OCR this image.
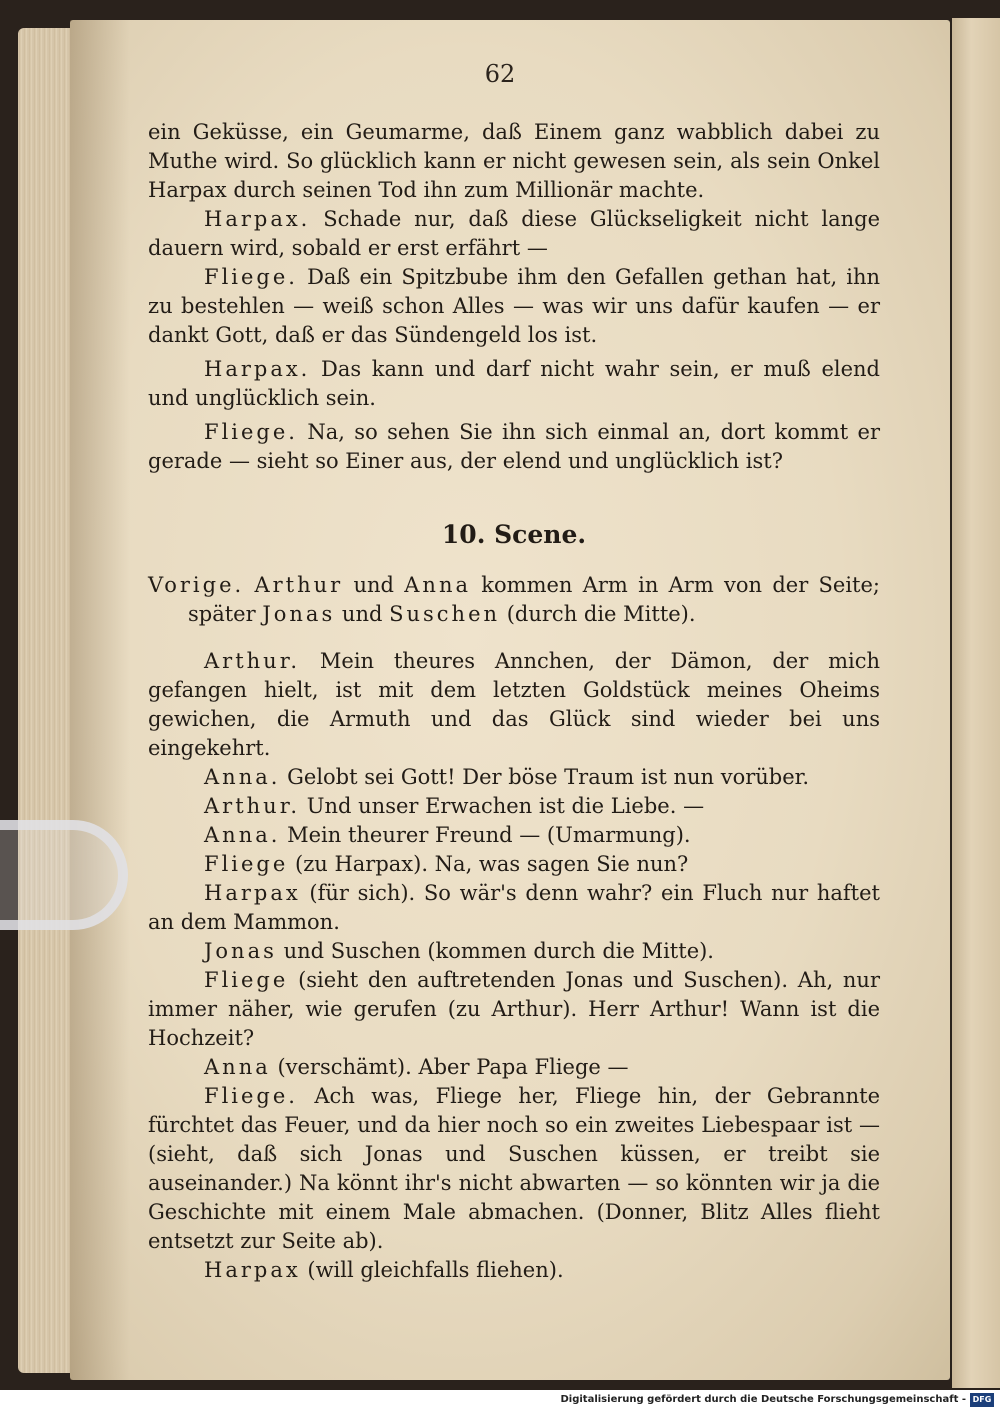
62

ein Geküsse, ein Geumarme, daß Einem ganz wabblich dabei zu Muthe wird. So glücklich kann er nicht gewesen sein, als sein Onkel Harpax durch seinen Tod ihn zum Millionär machte.

Harpax. Schade nur, daß diese Glückseligkeit nicht lange dauern wird, sobald er erst erfährt —

Fliege. Daß ein Spitzbube ihm den Gefallen gethan hat, ihn zu bestehlen — weiß schon Alles — was wir uns dafür kaufen — er dankt Gott, daß er das Sündengeld los ist.

Harpax. Das kann und darf nicht wahr sein, er muß elend und unglücklich sein.

Fliege. Na, so sehen Sie ihn sich einmal an, dort kommt er gerade — sieht so Einer aus, der elend und unglücklich ist?

10. Scene.

Vorige. Arthur und Anna kommen Arm in Arm von der Seite; später Jonas und Suschen (durch die Mitte).

Arthur. Mein theures Annchen, der Dämon, der mich gefangen hielt, ist mit dem letzten Goldstück meines Oheims gewichen, die Armuth und das Glück sind wieder bei uns eingekehrt.

Anna. Gelobt sei Gott! Der böse Traum ist nun vorüber.

Arthur. Und unser Erwachen ist die Liebe. —

Anna. Mein theurer Freund — (Umarmung).

Fliege (zu Harpax). Na, was sagen Sie nun?

Harpax (für sich). So wär's denn wahr? ein Fluch nur haftet an dem Mammon.

Jonas und Suschen (kommen durch die Mitte).

Fliege (sieht den auftretenden Jonas und Suschen). Ah, nur immer näher, wie gerufen (zu Arthur). Herr Arthur! Wann ist die Hochzeit?

Anna (verschämt). Aber Papa Fliege —

Fliege. Ach was, Fliege her, Fliege hin, der Gebrannte fürchtet das Feuer, und da hier noch so ein zweites Liebespaar ist — (sieht, daß sich Jonas und Suschen küssen, er treibt sie auseinander.) Na könnt ihr's nicht abwarten — so könnten wir ja die Geschichte mit einem Male abmachen. (Donner, Blitz Alles flieht entsetzt zur Seite ab).

Harpax (will gleichfalls fliehen).

Digitalisierung gefördert durch die Deutsche Forschungsgemeinschaft - DFG
